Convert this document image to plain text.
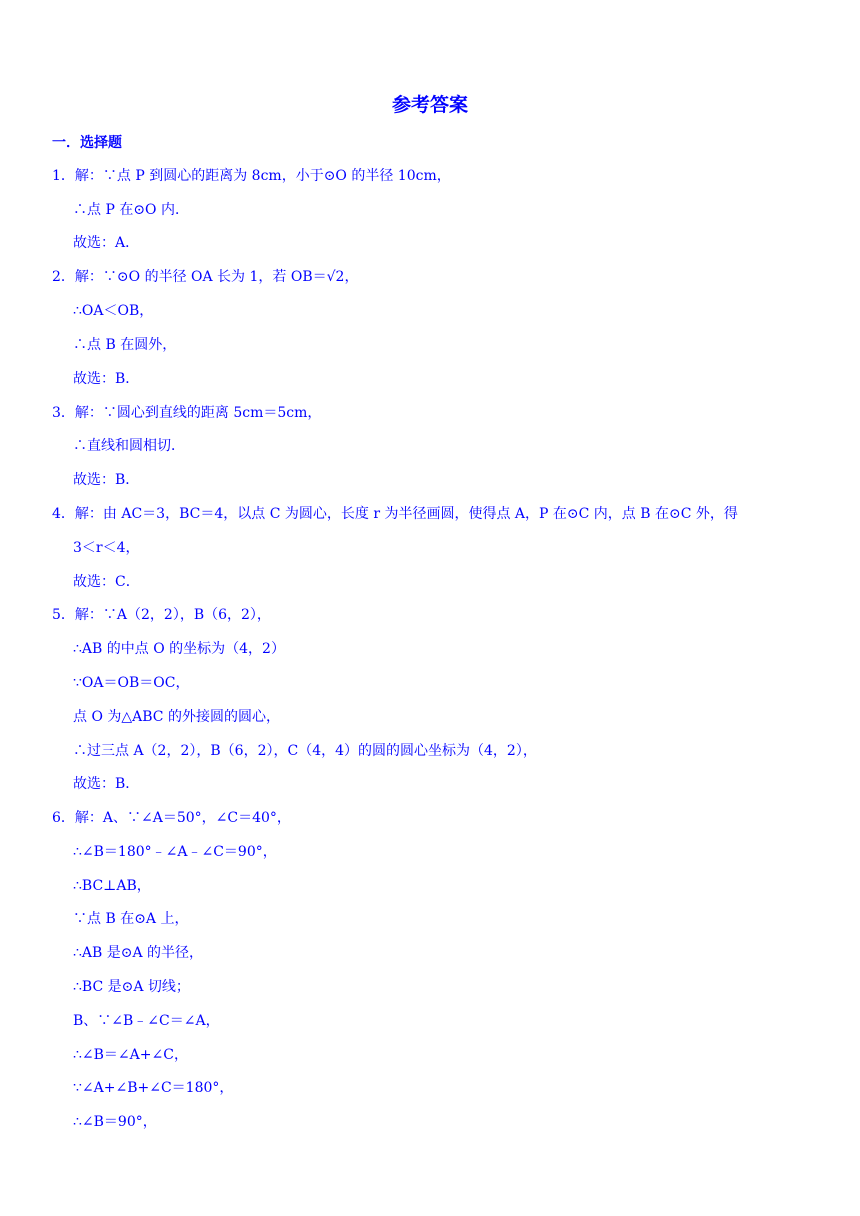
参考答案
一．选择题
1．解：∵点 P 到圆心的距离为 8cm，小于⊙O 的半径 10cm，
∴点 P 在⊙O 内．
故选：A．
2．解：∵⊙O 的半径 OA 长为 1，若 OB＝√2，
∴OA＜OB，
∴点 B 在圆外，
故选：B．
3．解：∵圆心到直线的距离 5cm＝5cm，
∴直线和圆相切．
故选：B．
4．解：由 AC＝3，BC＝4，以点 C 为圆心，长度 r 为半径画圆，使得点 A，P 在⊙C 内，点 B 在⊙C 外，得
3＜r＜4，
故选：C．
5．解：∵A（2，2），B（6，2），
∴AB 的中点 O 的坐标为（4，2）
∵OA＝OB＝OC，
点 O 为△ABC 的外接圆的圆心，
∴过三点 A（2，2），B（6，2），C（4，4）的圆的圆心坐标为（4，2），
故选：B．
6．解：A、∵∠A＝50°，∠C＝40°，
∴∠B＝180°﹣∠A﹣∠C＝90°，
∴BC⊥AB，
∵点 B 在⊙A 上，
∴AB 是⊙A 的半径，
∴BC 是⊙A 切线；
B、∵∠B﹣∠C＝∠A，
∴∠B＝∠A+∠C，
∵∠A+∠B+∠C＝180°，
∴∠B＝90°，
